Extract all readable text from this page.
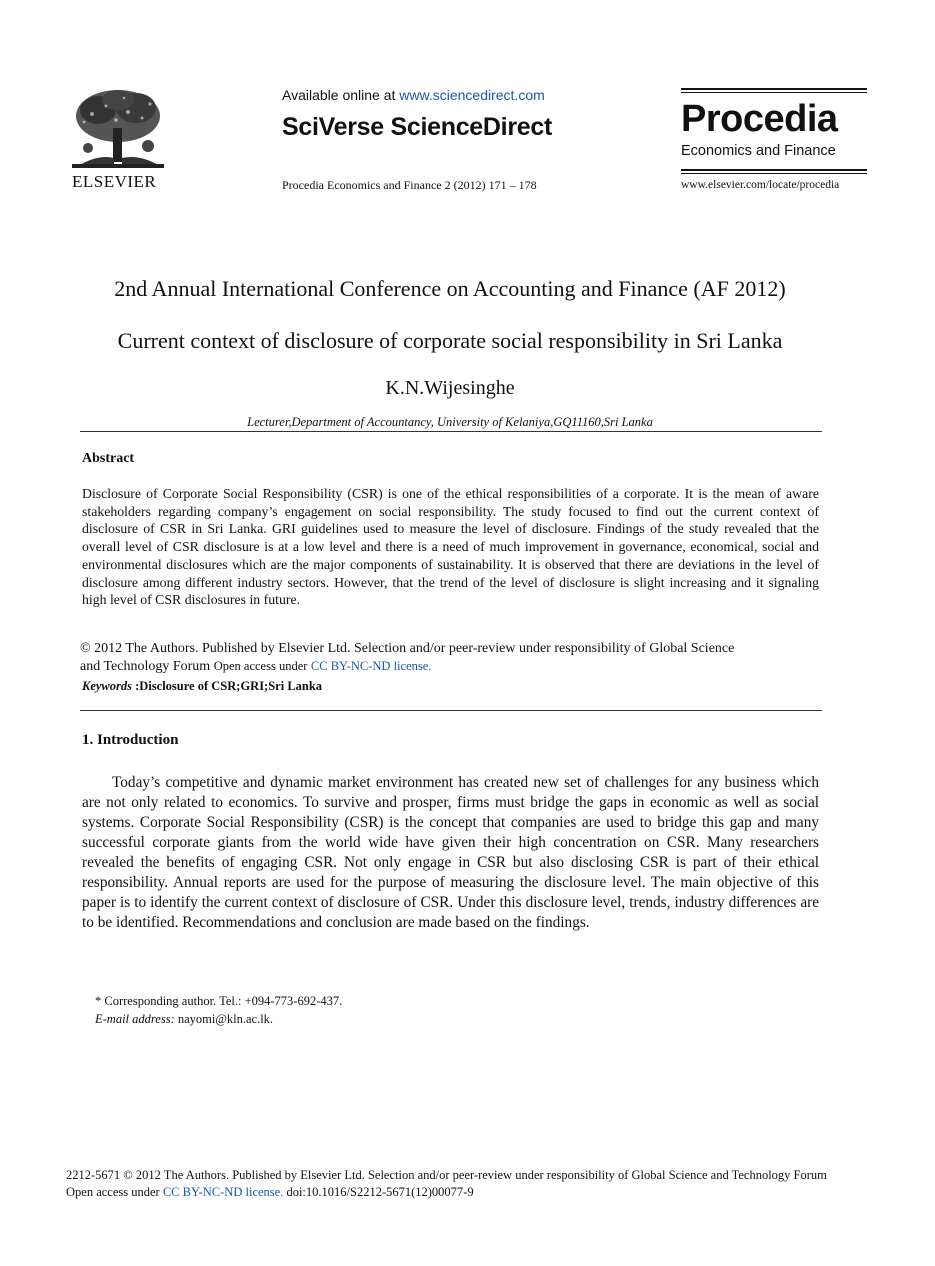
ELSEVIER
Available online at www.sciencedirect.com
SciVerse ScienceDirect
Procedia Economics and Finance 2 (2012) 171 – 178
Procedia
Economics and Finance
www.elsevier.com/locate/procedia
2nd Annual International Conference on Accounting and Finance (AF 2012)
Current context of disclosure of corporate social responsibility in Sri Lanka
K.N.Wijesinghe
Lecturer,Department of Accountancy, University of Kelaniya,GQ11160,Sri Lanka
Abstract
Disclosure of Corporate Social Responsibility (CSR) is one of the ethical responsibilities of a corporate. It is the mean of aware stakeholders regarding company’s engagement on social responsibility. The study focused to find out the current context of disclosure of CSR in Sri Lanka. GRI guidelines used to measure the level of disclosure. Findings of the study revealed that the overall level of CSR disclosure is at a low level and there is a need of much improvement in governance, economical, social and environmental disclosures which are the major components of sustainability. It is observed that there are deviations in the level of disclosure among different industry sectors. However, that the trend of the level of disclosure is slight increasing and it signaling high level of CSR disclosures in future.
© 2012 The Authors. Published by Elsevier Ltd. Selection and/or peer-review under responsibility of Global Science
and Technology Forum Open access under CC BY-NC-ND license.
Keywords :Disclosure of CSR;GRI;Sri Lanka
1. Introduction
Today’s competitive and dynamic market environment has created new set of challenges for any business which are not only related to economics. To survive and prosper, firms must bridge the gaps in economic as well as social systems. Corporate Social Responsibility (CSR) is the concept that companies are used to bridge this gap and many successful corporate giants from the world wide have given their high concentration on CSR. Many researchers revealed the benefits of engaging CSR. Not only engage in CSR but also disclosing CSR is part of their ethical responsibility. Annual reports are used for the purpose of measuring the disclosure level. The main objective of this paper is to identify the current context of disclosure of CSR. Under this disclosure level, trends, industry differences are to be identified. Recommendations and conclusion are made based on the findings.
* Corresponding author. Tel.: +094-773-692-437.
E-mail address: nayomi@kln.ac.lk.
2212-5671 © 2012 The Authors. Published by Elsevier Ltd. Selection and/or peer-review under responsibility of Global Science and Technology Forum
Open access under CC BY-NC-ND license. doi:10.1016/S2212-5671(12)00077-9
